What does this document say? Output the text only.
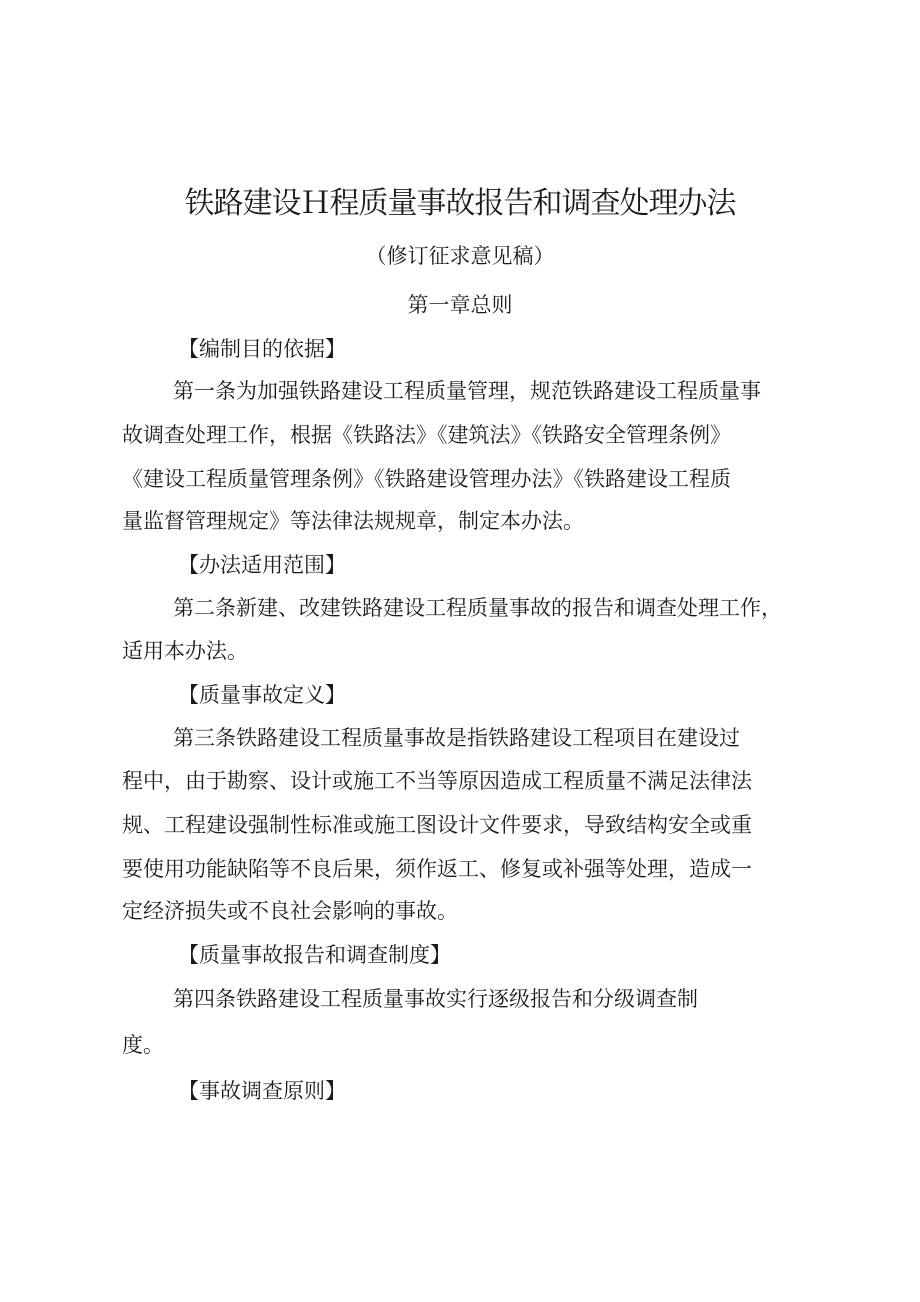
铁路建设Ｈ程质量事故报告和调查处理办法
（修订征求意见稿）
第一章总则
【编制目的依据】
第一条为加强铁路建设工程质量管理，规范铁路建设工程质量事
故调查处理工作，根据《铁路法》《建筑法》《铁路安全管理条例》
《建设工程质量管理条例》《铁路建设管理办法》《铁路建设工程质
量监督管理规定》等法律法规规章，制定本办法。
【办法适用范围】
第二条新建、改建铁路建设工程质量事故的报告和调查处理工作，
适用本办法。
【质量事故定义】
第三条铁路建设工程质量事故是指铁路建设工程项目在建设过
程中，由于勘察、设计或施工不当等原因造成工程质量不满足法律法
规、工程建设强制性标准或施工图设计文件要求，导致结构安全或重
要使用功能缺陷等不良后果，须作返工、修复或补强等处理，造成一
定经济损失或不良社会影响的事故。
【质量事故报告和调查制度】
第四条铁路建设工程质量事故实行逐级报告和分级调查制
度。
【事故调查原则】
